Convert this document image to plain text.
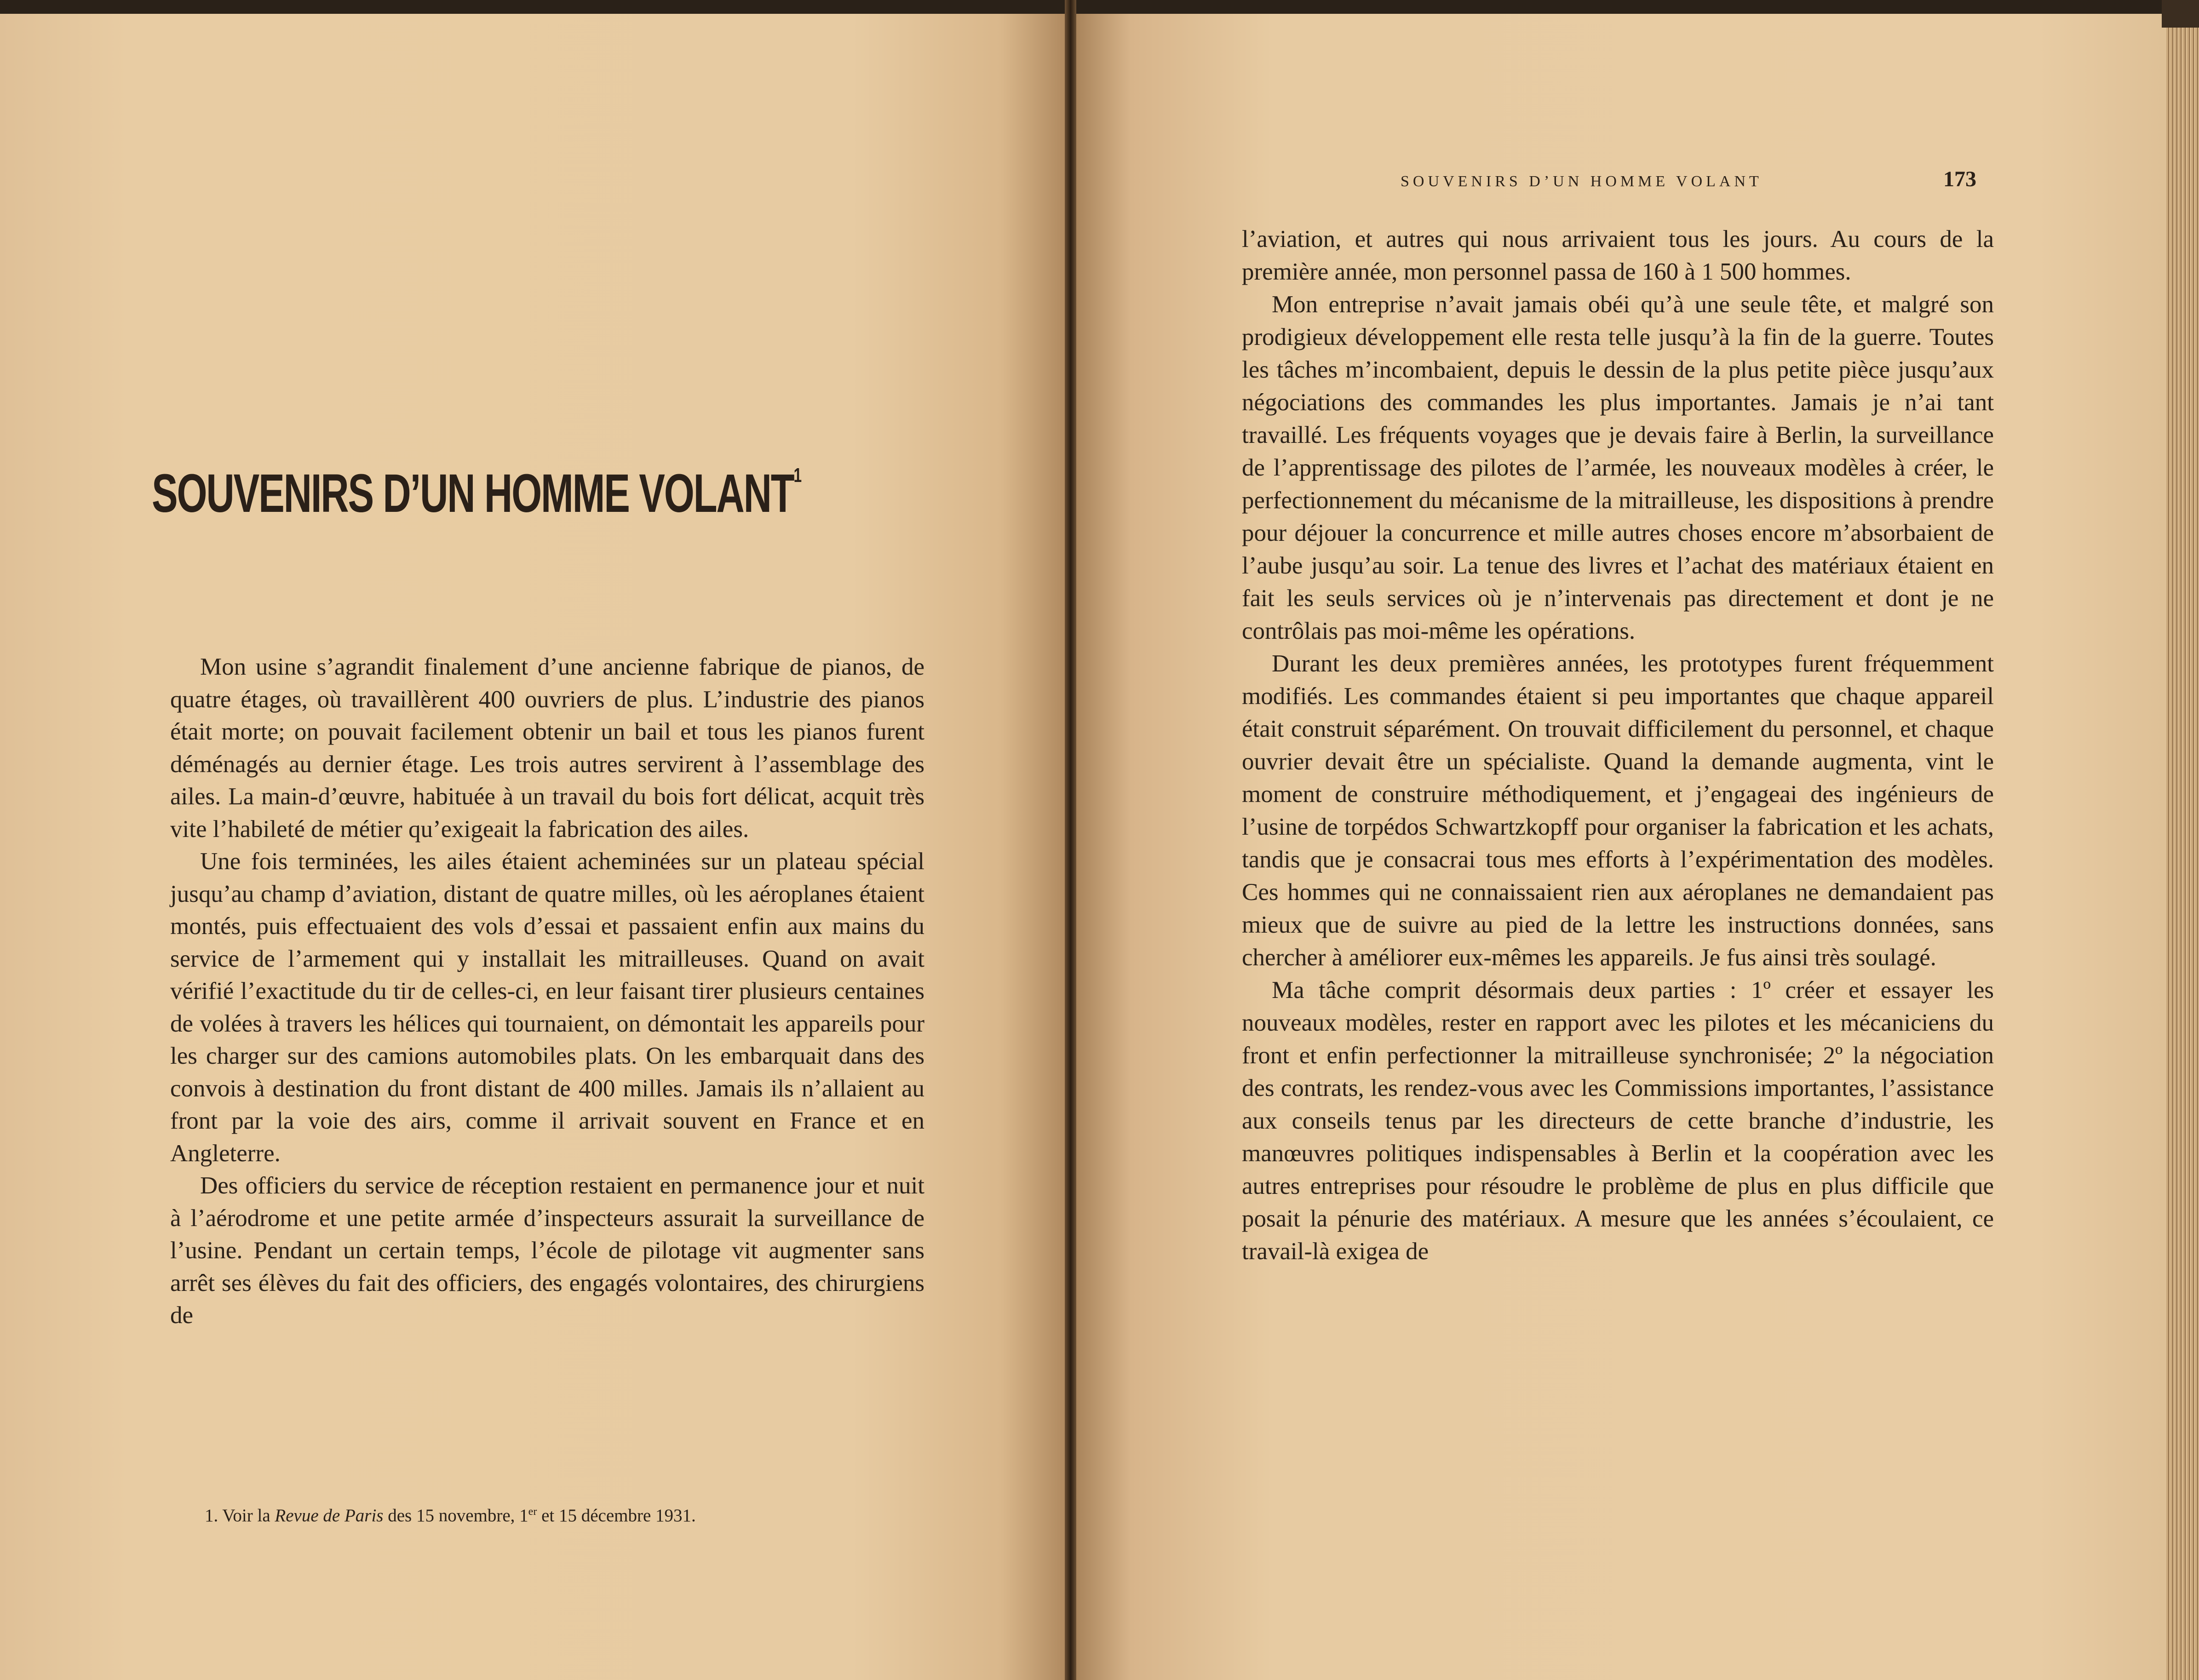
SOUVENIRS D’UN HOMME VOLANT$^1$

Mon usine s’agrandit finalement d’une ancienne fabrique de pianos, de quatre étages, où travaillèrent 400 ouvriers de plus. L’industrie des pianos était morte; on pouvait facilement obtenir un bail et tous les pianos furent déménagés au dernier étage. Les trois autres servirent à l’assemblage des ailes. La main-d’œuvre, habituée à un travail du bois fort délicat, acquit très vite l’habileté de métier qu’exigeait la fabrication des ailes.

Une fois terminées, les ailes étaient acheminées sur un plateau spécial jusqu’au champ d’aviation, distant de quatre milles, où les aéroplanes étaient montés, puis effectuaient des vols d’essai et passaient enfin aux mains du service de l’armement qui y installait les mitrailleuses. Quand on avait vérifié l’exactitude du tir de celles-ci, en leur faisant tirer plusieurs centaines de volées à travers les hélices qui tournaient, on démontait les appareils pour les charger sur des camions automobiles plats. On les embarquait dans des convois à destination du front distant de 400 milles. Jamais ils n’allaient au front par la voie des airs, comme il arrivait souvent en France et en Angleterre.

Des officiers du service de réception restaient en permanence jour et nuit à l’aérodrome et une petite armée d’inspecteurs assurait la surveillance de l’usine. Pendant un certain temps, l’école de pilotage vit augmenter sans arrêt ses élèves du fait des officiers, des engagés volontaires, des chirurgiens de

1. Voir la Revue de Paris des 15 novembre, 1er et 15 décembre 1931.
SOUVENIRS D’UN HOMME VOLANT	173

l’aviation, et autres qui nous arrivaient tous les jours. Au cours de la première année, mon personnel passa de 160 à 1 500 hommes.

Mon entreprise n’avait jamais obéi qu’à une seule tête, et malgré son prodigieux développement elle resta telle jusqu’à la fin de la guerre. Toutes les tâches m’incombaient, depuis le dessin de la plus petite pièce jusqu’aux négociations des commandes les plus importantes. Jamais je n’ai tant travaillé. Les fréquents voyages que je devais faire à Berlin, la surveillance de l’apprentissage des pilotes de l’armée, les nouveaux modèles à créer, le perfectionnement du mécanisme de la mitrailleuse, les dispositions à prendre pour déjouer la concurrence et mille autres choses encore m’absorbaient de l’aube jusqu’au soir. La tenue des livres et l’achat des matériaux étaient en fait les seuls services où je n’intervenais pas directement et dont je ne contrôlais pas moi-même les opérations.

Durant les deux premières années, les prototypes furent fréquemment modifiés. Les commandes étaient si peu importantes que chaque appareil était construit séparément. On trouvait difficilement du personnel, et chaque ouvrier devait être un spécialiste. Quand la demande augmenta, vint le moment de construire méthodiquement, et j’engageai des ingénieurs de l’usine de torpédos Schwartzkopff pour organiser la fabrication et les achats, tandis que je consacrai tous mes efforts à l’expérimentation des modèles. Ces hommes qui ne connaissaient rien aux aéroplanes ne demandaient pas mieux que de suivre au pied de la lettre les instructions données, sans chercher à améliorer eux-mêmes les appareils. Je fus ainsi très soulagé.

Ma tâche comprit désormais deux parties : 1º créer et essayer les nouveaux modèles, rester en rapport avec les pilotes et les mécaniciens du front et enfin perfectionner la mitrailleuse synchronisée; 2º la négociation des contrats, les rendez-vous avec les Commissions importantes, l’assistance aux conseils tenus par les directeurs de cette branche d’industrie, les manœuvres politiques indispensables à Berlin et la coopération avec les autres entreprises pour résoudre le problème de plus en plus difficile que posait la pénurie des matériaux. A mesure que les années s’écoulaient, ce travail-là exigea de
